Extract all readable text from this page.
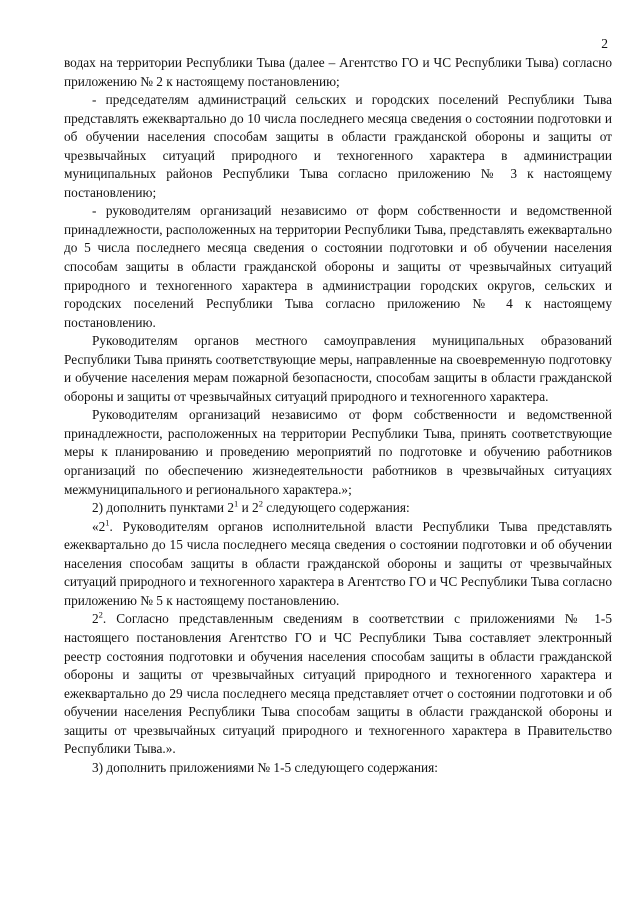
2

водах на территории Республики Тыва (далее – Агентство ГО и ЧС Республики Тыва) согласно приложению № 2 к настоящему постановлению;

- председателям администраций сельских и городских поселений Республики Тыва представлять ежеквартально до 10 числа последнего месяца сведения о состоянии подготовки и об обучении населения способам защиты в области гражданской обороны и защиты от чрезвычайных ситуаций природного и техногенного характера в администрации муниципальных районов Республики Тыва согласно приложению № 3 к настоящему постановлению;

- руководителям организаций независимо от форм собственности и ведомственной принадлежности, расположенных на территории Республики Тыва, представлять ежеквартально до 5 числа последнего месяца сведения о состоянии подготовки и об обучении населения способам защиты в области гражданской обороны и защиты от чрезвычайных ситуаций природного и техногенного характера в администрации городских округов, сельских и городских поселений Республики Тыва согласно приложению № 4 к настоящему постановлению.

Руководителям органов местного самоуправления муниципальных образований Республики Тыва принять соответствующие меры, направленные на своевременную подготовку и обучение населения мерам пожарной безопасности, способам защиты в области гражданской обороны и защиты от чрезвычайных ситуаций природного и техногенного характера.

Руководителям организаций независимо от форм собственности и ведомственной принадлежности, расположенных на территории Республики Тыва, принять соответствующие меры к планированию и проведению мероприятий по подготовке и обучению работников организаций по обеспечению жизнедеятельности работников в чрезвычайных ситуациях межмуниципального и регионального характера.»;

2) дополнить пунктами $2^1$ и $2^2$ следующего содержания:

«$2^1$. Руководителям органов исполнительной власти Республики Тыва представлять ежеквартально до 15 числа последнего месяца сведения о состоянии подготовки и об обучении населения способам защиты в области гражданской обороны и защиты от чрезвычайных ситуаций природного и техногенного характера в Агентство ГО и ЧС Республики Тыва согласно приложению № 5 к настоящему постановлению.

$2^2$. Согласно представленным сведениям в соответствии с приложениями № 1-5 настоящего постановления Агентство ГО и ЧС Республики Тыва составляет электронный реестр состояния подготовки и обучения населения способам защиты в области гражданской обороны и защиты от чрезвычайных ситуаций природного и техногенного характера и ежеквартально до 29 числа последнего месяца представляет отчет о состоянии подготовки и об обучении населения Республики Тыва способам защиты в области гражданской обороны и защиты от чрезвычайных ситуаций природного и техногенного характера в Правительство Республики Тыва.».

3) дополнить приложениями № 1-5 следующего содержания:
